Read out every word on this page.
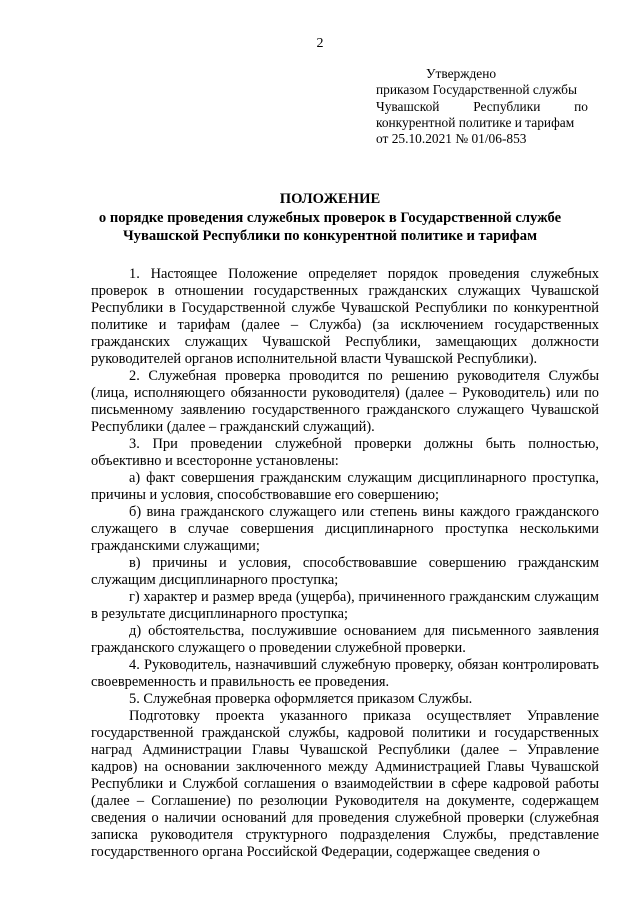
2
Утверждено
приказом Государственной службы
Чувашской	Республики	по
конкурентной политике и тарифам
от 25.10.2021 № 01/06-853
ПОЛОЖЕНИЕ
о порядке проведения служебных проверок в Государственной службе Чувашской Республики по конкурентной политике и тарифам

1. Настоящее Положение определяет порядок проведения служебных проверок в отношении государственных гражданских служащих Чувашской Республики в Государственной службе Чувашской Республики по конкурентной политике и тарифам (далее – Служба) (за исключением государственных гражданских служащих Чувашской Республики, замещающих должности руководителей органов исполнительной власти Чувашской Республики).

2. Служебная проверка проводится по решению руководителя Службы (лица, исполняющего обязанности руководителя) (далее – Руководитель) или по письменному заявлению государственного гражданского служащего Чувашской Республики (далее – гражданский служащий).

3. При проведении служебной проверки должны быть полностью, объективно и всесторонне установлены:

а) факт совершения гражданским служащим дисциплинарного проступка, причины и условия, способствовавшие его совершению;

б) вина гражданского служащего или степень вины каждого гражданского служащего в случае совершения дисциплинарного проступка несколькими гражданскими служащими;

в) причины и условия, способствовавшие совершению гражданским служащим дисциплинарного проступка;

г) характер и размер вреда (ущерба), причиненного гражданским служащим в результате дисциплинарного проступка;

д) обстоятельства, послужившие основанием для письменного заявления гражданского служащего о проведении служебной проверки.

4. Руководитель, назначивший служебную проверку, обязан контролировать своевременность и правильность ее проведения.

5. Служебная проверка оформляется приказом Службы.

Подготовку проекта указанного приказа осуществляет Управление государственной гражданской службы, кадровой политики и государственных наград Администрации Главы Чувашской Республики (далее – Управление кадров) на основании заключенного между Администрацией Главы Чувашской Республики и Службой соглашения о взаимодействии в сфере кадровой работы (далее – Соглашение) по резолюции Руководителя на документе, содержащем сведения о наличии оснований для проведения служебной проверки (служебная записка руководителя структурного подразделения Службы, представление государственного органа Российской Федерации, содержащее сведения о
